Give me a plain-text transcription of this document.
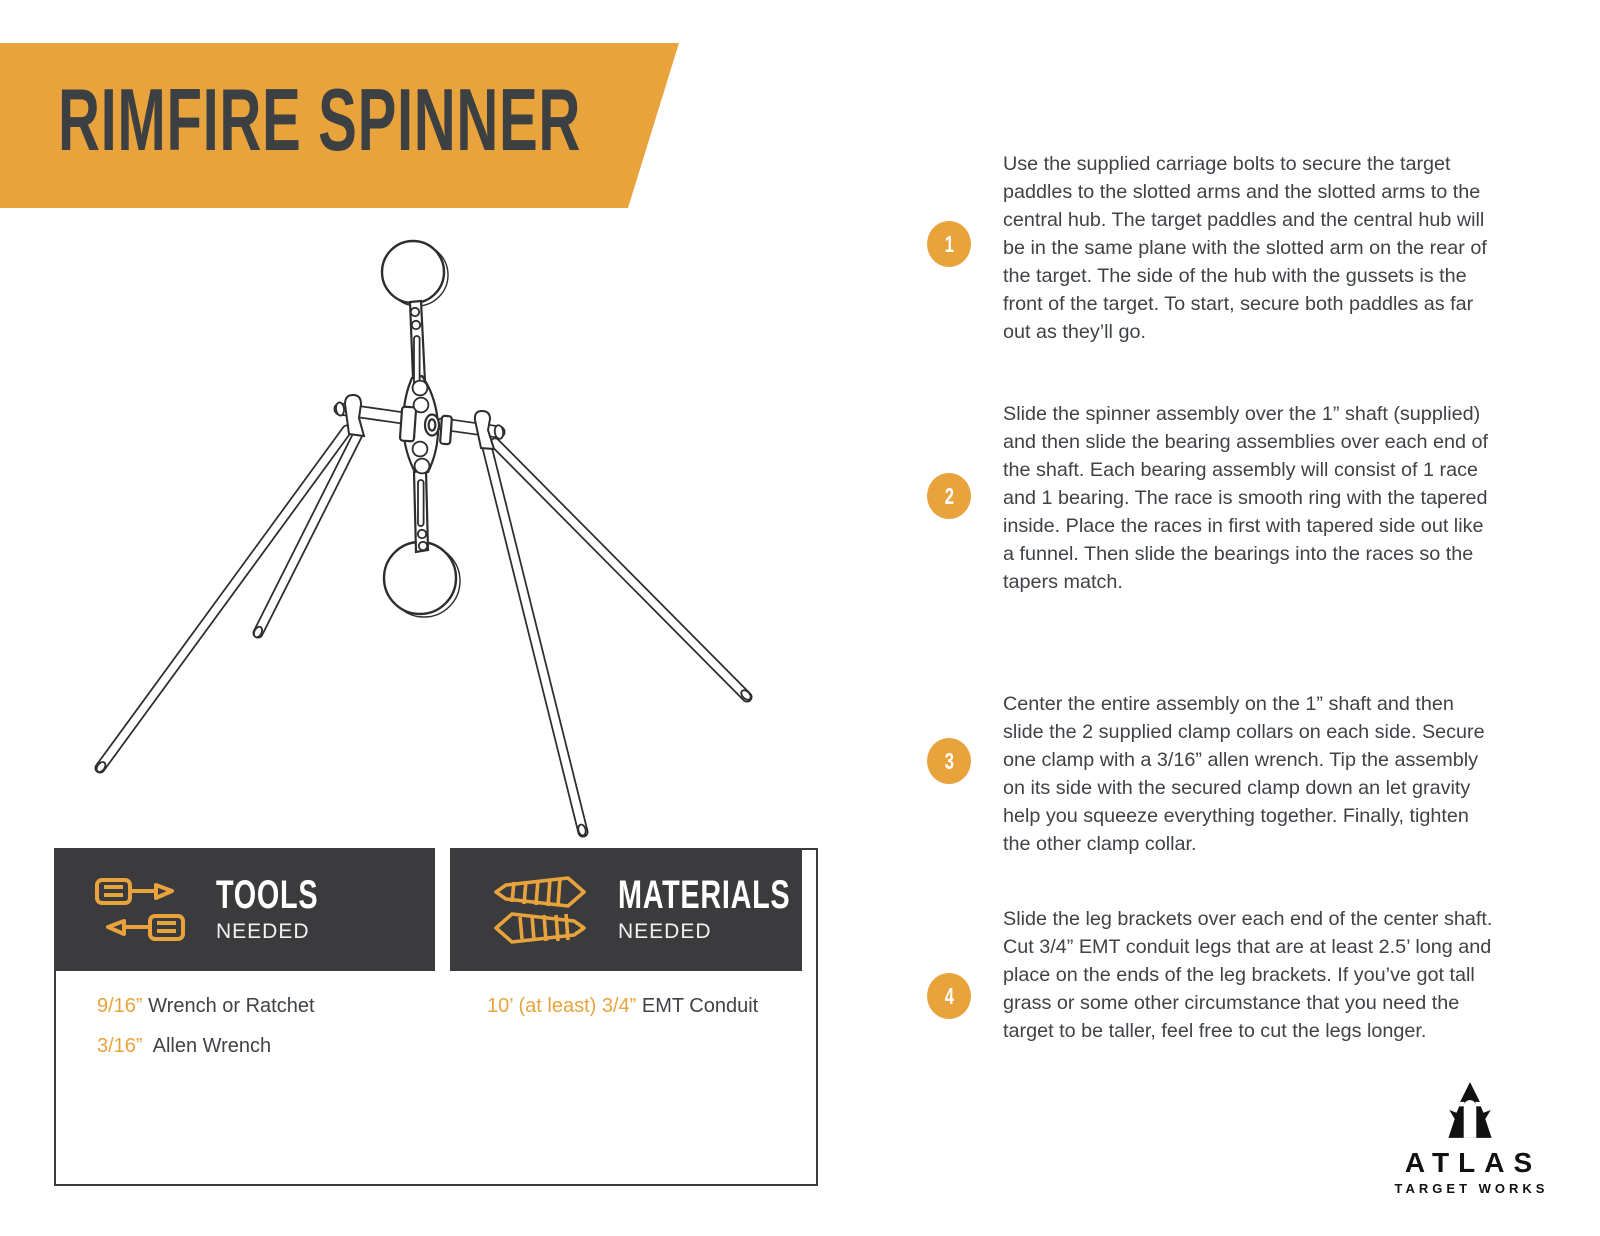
RIMFIRE SPINNER
1
Use the supplied carriage bolts to secure the target paddles to the slotted arms and the slotted arms to the central hub. The target paddles and the central hub will be in the same plane with the slotted arm on the rear of the target. The side of the hub with the gussets is the front of the target. To start, secure both paddles as far out as they’ll go.
2
Slide the spinner assembly over the 1” shaft (supplied) and then slide the bearing assemblies over each end of the shaft. Each bearing assembly will consist of 1 race and 1 bearing. The race is smooth ring with the tapered inside. Place the races in first with tapered side out like a funnel. Then slide the bearings into the races so the tapers match.
3
Center the entire assembly on the 1” shaft and then slide the 2 supplied clamp collars on each side. Secure one clamp with a 3/16” allen wrench. Tip the assembly on its side with the secured clamp down an let gravity help you squeeze everything together. Finally, tighten the other clamp collar.
4
Slide the leg brackets over each end of the center shaft. Cut 3/4” EMT conduit legs that are at least 2.5’ long and place on the ends of the leg brackets. If you’ve got tall grass or some other circumstance that you need the target to be taller, feel free to cut the legs longer.
TOOLS
NEEDED
MATERIALS
NEEDED
9/16” Wrench or Ratchet
3/16”  Allen Wrench
10’ (at least) 3/4” EMT Conduit
ATLAS
TARGET WORKS
